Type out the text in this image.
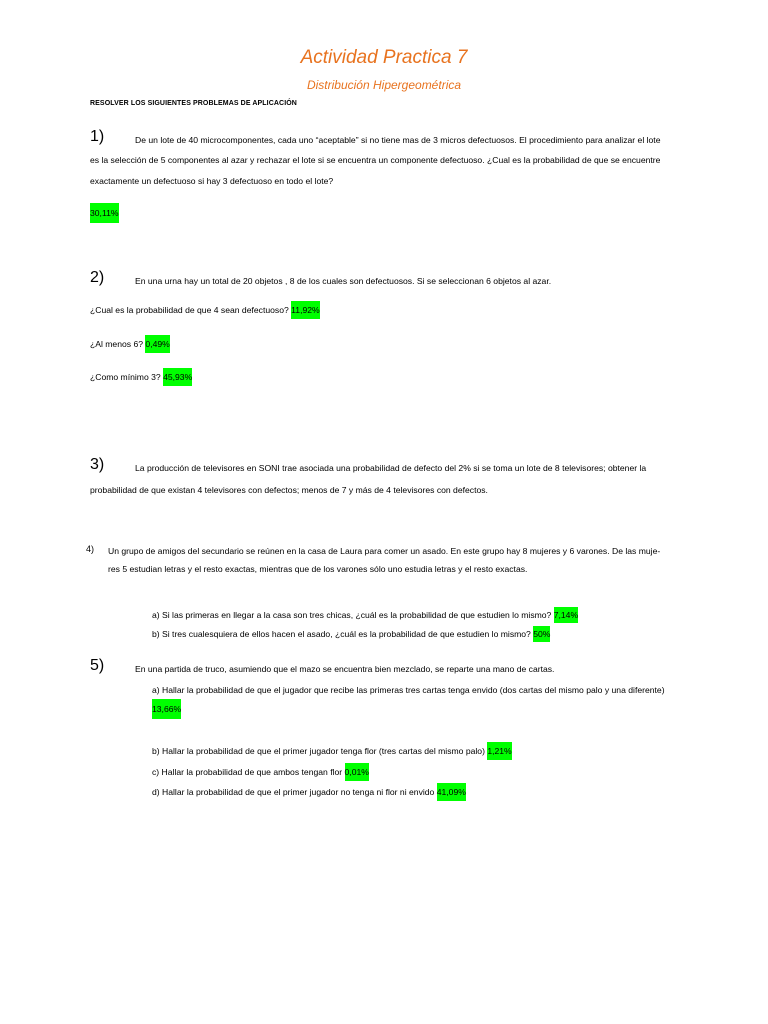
Actividad Practica 7
Distribución Hipergeométrica
RESOLVER LOS SIGUIENTES PROBLEMAS DE APLICACIÓN
1)	De un lote de 40 microcomponentes, cada uno “aceptable” si no tiene mas de 3 micros defectuosos. El procedimiento para analizar el lote
es la selección de 5 componentes al azar y rechazar el lote si se encuentra un componente defectuoso. ¿Cual es la probabilidad de que se encuentre
exactamente un defectuoso si hay 3 defectuoso en todo el lote?
30,11%
2)	En una urna hay un total de 20 objetos , 8 de los cuales son defectuosos. Si se seleccionan 6 objetos al azar.
¿Cual es la probabilidad de que 4 sean defectuoso? 11,92%
¿Al menos 6? 0,49%
¿Como mínimo 3? 45,93%
3)	La producción de televisores en SONI trae asociada una probabilidad de defecto del 2% si se toma un lote de 8 televisores; obtener la
probabilidad de que existan 4 televisores con defectos; menos de 7 y más de 4 televisores con defectos.
4) Un grupo de amigos del secundario se reúnen en la casa de Laura para comer un asado. En este grupo hay 8 mujeres y 6 varones. De las muje-
res 5 estudian letras y el resto exactas, mientras que de los varones sólo uno estudia letras y el resto exactas.
a) Si las primeras en llegar a la casa son tres chicas, ¿cuál es la probabilidad de que estudien lo mismo? 7,14%
b) Si tres cualesquiera de ellos hacen el asado, ¿cuál es la probabilidad de que estudien lo mismo? 50%
5)	En una partida de truco, asumiendo que el mazo se encuentra bien mezclado, se reparte una mano de cartas.
a) Hallar la probabilidad de que el jugador que recibe las primeras tres cartas tenga envido (dos cartas del mismo palo y una diferente)
13,66%
b) Hallar la probabilidad de que el primer jugador tenga flor (tres cartas del mismo palo) 1,21%
c) Hallar la probabilidad de que ambos tengan flor 0,01%
d) Hallar la probabilidad de que el primer jugador no tenga ni flor ni envido 41,09%
